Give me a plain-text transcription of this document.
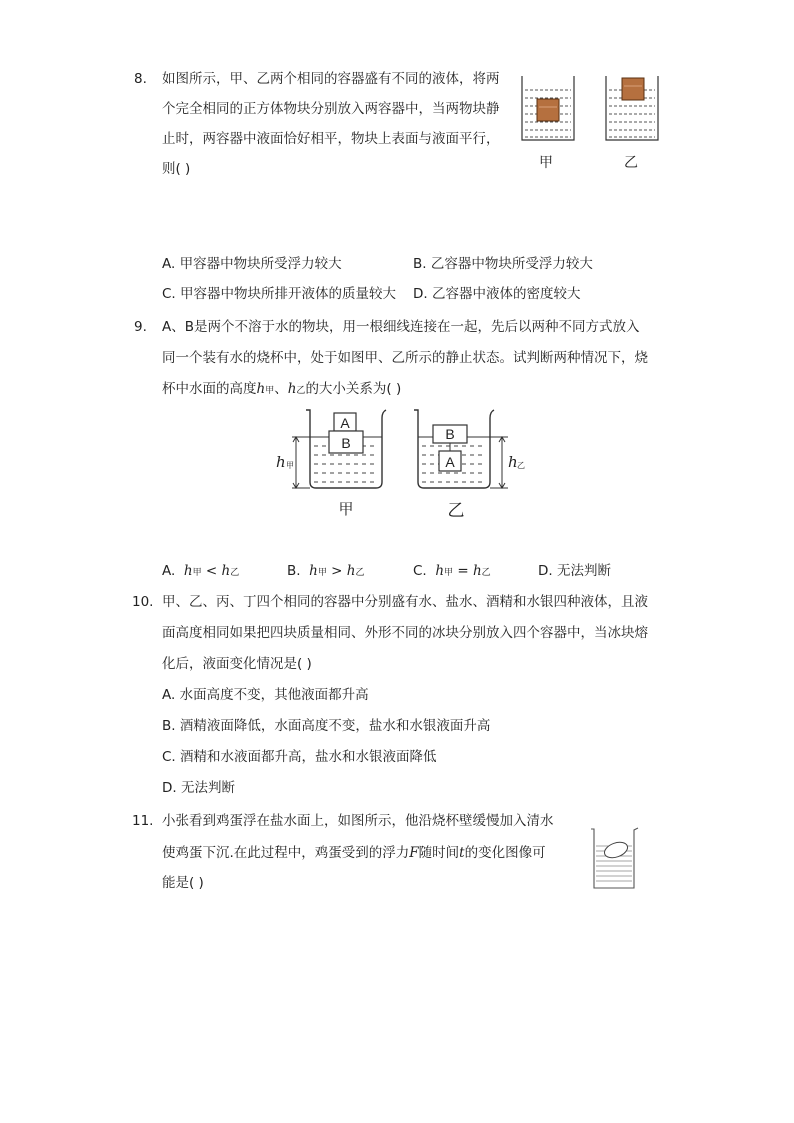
8. 如图所示，甲、乙两个相同的容器盛有不同的液体，将两
个完全相同的正方体物块分别放入两容器中，当两物块静
止时，两容器中液面恰好相平，物块上表面与液面平行，
则( )	甲	乙
A. 甲容器中物块所受浮力较大	B. 乙容器中物块所受浮力较大
C. 甲容器中物块所排开液体的质量较大 D. 乙容器中液体的密度较大
9. A、B是两个不溶于水的物块，用一根细线连接在一起，先后以两种不同方式放入
同一个装有水的烧杯中，处于如图甲、乙所示的静止状态。试判断两种情况下，烧
杯中水面的高度h甲、h乙的大小关系为( )
A
B
h 甲
B
A	h 乙
甲	乙
A. h甲 < h乙	B. h甲 > h乙	C. h甲 = h乙	D. 无法判断
10. 甲、乙、丙、丁四个相同的容器中分别盛有水、盐水、酒精和水银四种液体，且液
面高度相同如果把四块质量相同、外形不同的冰块分别放入四个容器中，当冰块熔
化后，液面变化情况是( )
A. 水面高度不变，其他液面都升高
B. 酒精液面降低，水面高度不变，盐水和水银液面升高
C. 酒精和水液面都升高，盐水和水银液面降低
D. 无法判断
11. 小张看到鸡蛋浮在盐水面上，如图所示，他沿烧杯壁缓慢加入清水
使鸡蛋下沉.在此过程中，鸡蛋受到的浮力F随时间t的变化图像可
能是( )
